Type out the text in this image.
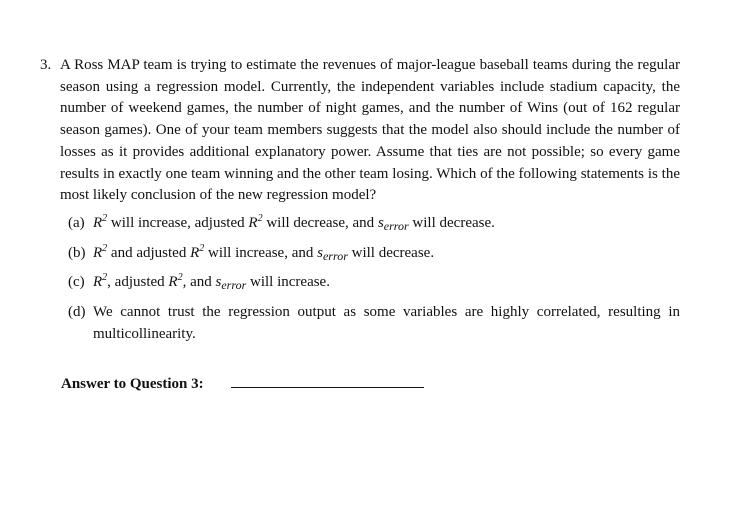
3. A Ross MAP team is trying to estimate the revenues of major-league baseball teams during the regular season using a regression model. Currently, the independent variables include stadium capacity, the number of weekend games, the number of night games, and the number of Wins (out of 162 regular season games). One of your team members suggests that the model also should include the number of losses as it provides additional explanatory power. Assume that ties are not possible; so every game results in exactly one team winning and the other team losing. Which of the following statements is the most likely conclusion of the new regression model?
(a) $R^2$ will increase, adjusted $R^2$ will decrease, and $s_{error}$ will decrease.
(b) $R^2$ and adjusted $R^2$ will increase, and $s_{error}$ will decrease.
(c) $R^2$, adjusted $R^2$, and $s_{error}$ will increase.
(d) We cannot trust the regression output as some variables are highly correlated, resulting in multicollinearity.
Answer to Question 3:
